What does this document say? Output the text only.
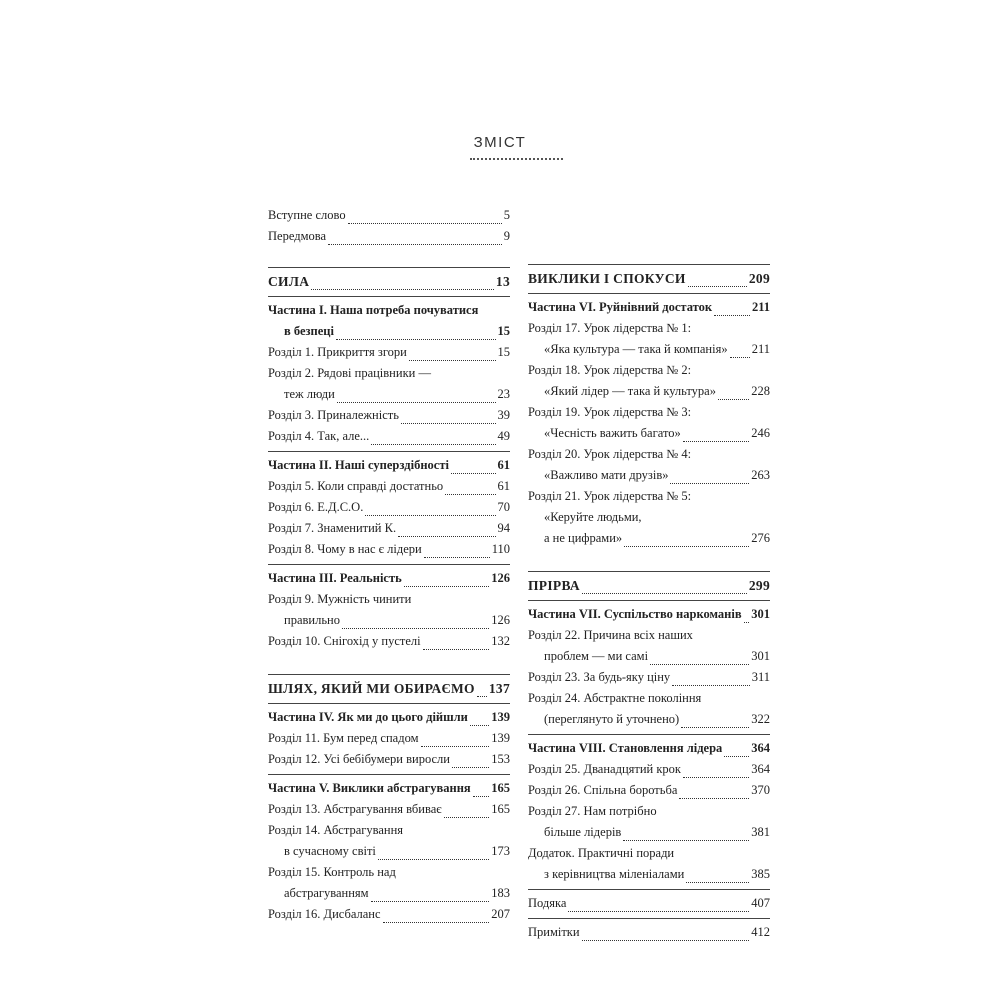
ЗМІСТ
Вступне слово	5
Передмова	9
СИЛА	13
Частина I. Наша потреба почуватися
в безпеці	15
Розділ 1. Прикриття згори	15
Розділ 2. Рядові працівники —
теж люди	23
Розділ 3. Приналежність	39
Розділ 4. Так, але...	49
Частина II. Наші суперздібності	61
Розділ 5. Коли справді достатньо	61
Розділ 6. Е.Д.С.О.	70
Розділ 7. Знаменитий К.	94
Розділ 8. Чому в нас є лідери	110
Частина III. Реальність	126
Розділ 9. Мужність чинити
правильно	126
Розділ 10. Снігохід у пустелі	132
ШЛЯХ, ЯКИЙ МИ ОБИРАЄМО 137
Частина IV. Як ми до цього дійшли 139
Розділ 11. Бум перед спадом	139
Розділ 12. Усі бебібумери виросли	153
Частина V. Виклики абстрагування 165
Розділ 13. Абстрагування вбиває	165
Розділ 14. Абстрагування
в сучасному світі	173
Розділ 15. Контроль над
абстрагуванням	183
Розділ 16. Дисбаланс	207
ВИКЛИКИ І СПОКУСИ	209
Частина VI. Руйнівний достаток	211
Розділ 17. Урок лідерства № 1:
«Яка культура — така й компанія» 211
Розділ 18. Урок лідерства № 2:
«Який лідер — така й культура»	228
Розділ 19. Урок лідерства № 3:
«Чесність важить багато»	246
Розділ 20. Урок лідерства № 4:
«Важливо мати друзів»	263
Розділ 21. Урок лідерства № 5:
«Керуйте людьми,
а не цифрами»	276
ПРІРВА	299
Частина VII. Суспільство наркоманів 301
Розділ 22. Причина всіх наших
проблем — ми самі	301
Розділ 23. За будь-яку ціну	311
Розділ 24. Абстрактне покоління
(переглянуто й уточнено)	322
Частина VIII. Становлення лідера 364
Розділ 25. Дванадцятий крок	364
Розділ 26. Спільна боротьба	370
Розділ 27. Нам потрібно
більше лідерів	381
Додаток. Практичні поради
з керівництва міленіалами	385
Подяка	407
Примітки	412
